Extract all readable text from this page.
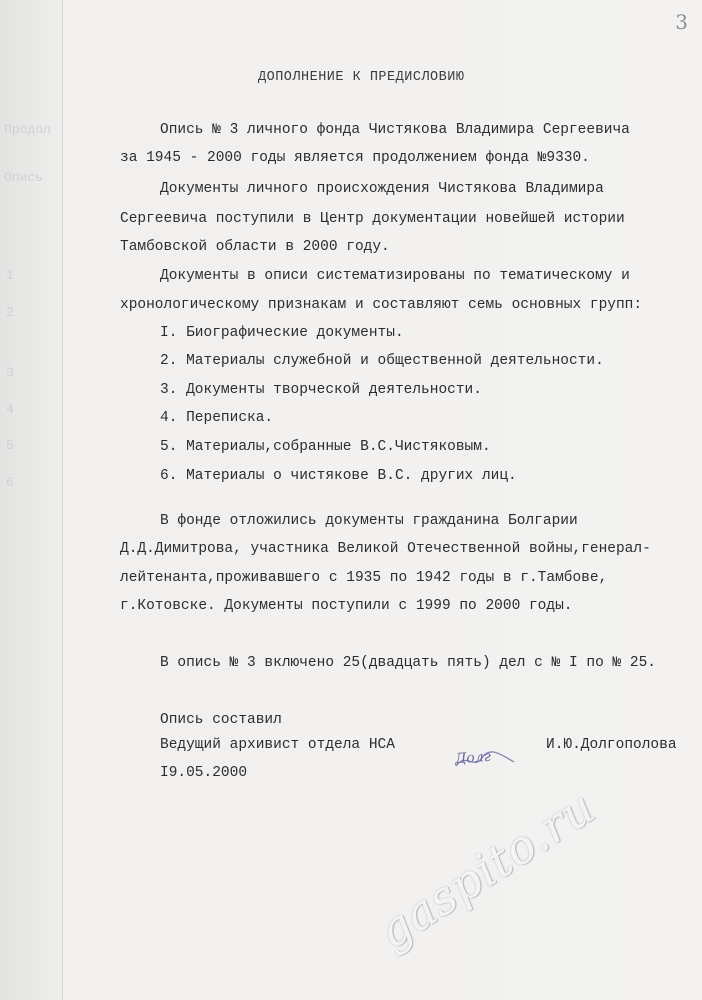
Продол
Опись
1
2
3
4
5
6
3
ДОПОЛНЕНИЕ К ПРЕДИСЛОВИЮ
Опись № 3 личного фонда Чистякова Владимира Сергеевича
за 1945 - 2000 годы является продолжением фонда №9330.
Документы личного происхождения Чистякова Владимира
Сергеевича поступили в Центр документации новейшей истории
Тамбовской области в 2000 году.
Документы в описи систематизированы по тематическому и
хронологическому признакам и составляют семь основных групп:
I. Биографические документы.
2. Материалы служебной и общественной деятельности.
3. Документы творческой деятельности.
4. Переписка.
5. Материалы,собранные В.С.Чистяковым.
6. Материалы о чистякове В.С. других лиц.
В фонде отложились документы гражданина Болгарии
Д.Д.Димитрова, участника Великой Отечественной войны,генерал-
лейтенанта,проживавшего с 1935 по 1942 годы в г.Тамбове,
г.Котовске. Документы поступили с 1999 по 2000 годы.
В опись № 3 включено 25(двадцать пять) дел с № I по № 25.
Опись составил
Ведущий архивист отдела НСА	И.Ю.Долгополова
I9.05.2000
Долг
gaspito.ru
